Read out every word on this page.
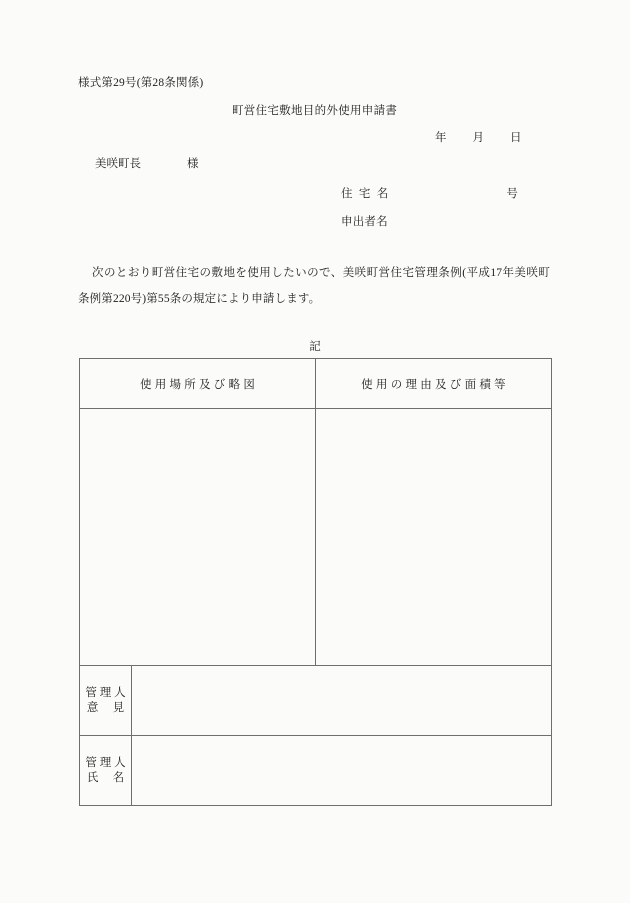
様式第29号(第28条関係)
町営住宅敷地目的外使用申請書
年 月 日
美咲町長	様
住  宅  名	号
申出者名
次のとおり町営住宅の敷地を使用したいので、美咲町営住宅管理条例(平成17年美咲町条例第220号)第55条の規定により申請します。
記
使 用 場 所 及 び 略 図		使 用 の 理 由 及 び 面 積 等

管 理 人
意     見		

管 理 人
氏     名		
